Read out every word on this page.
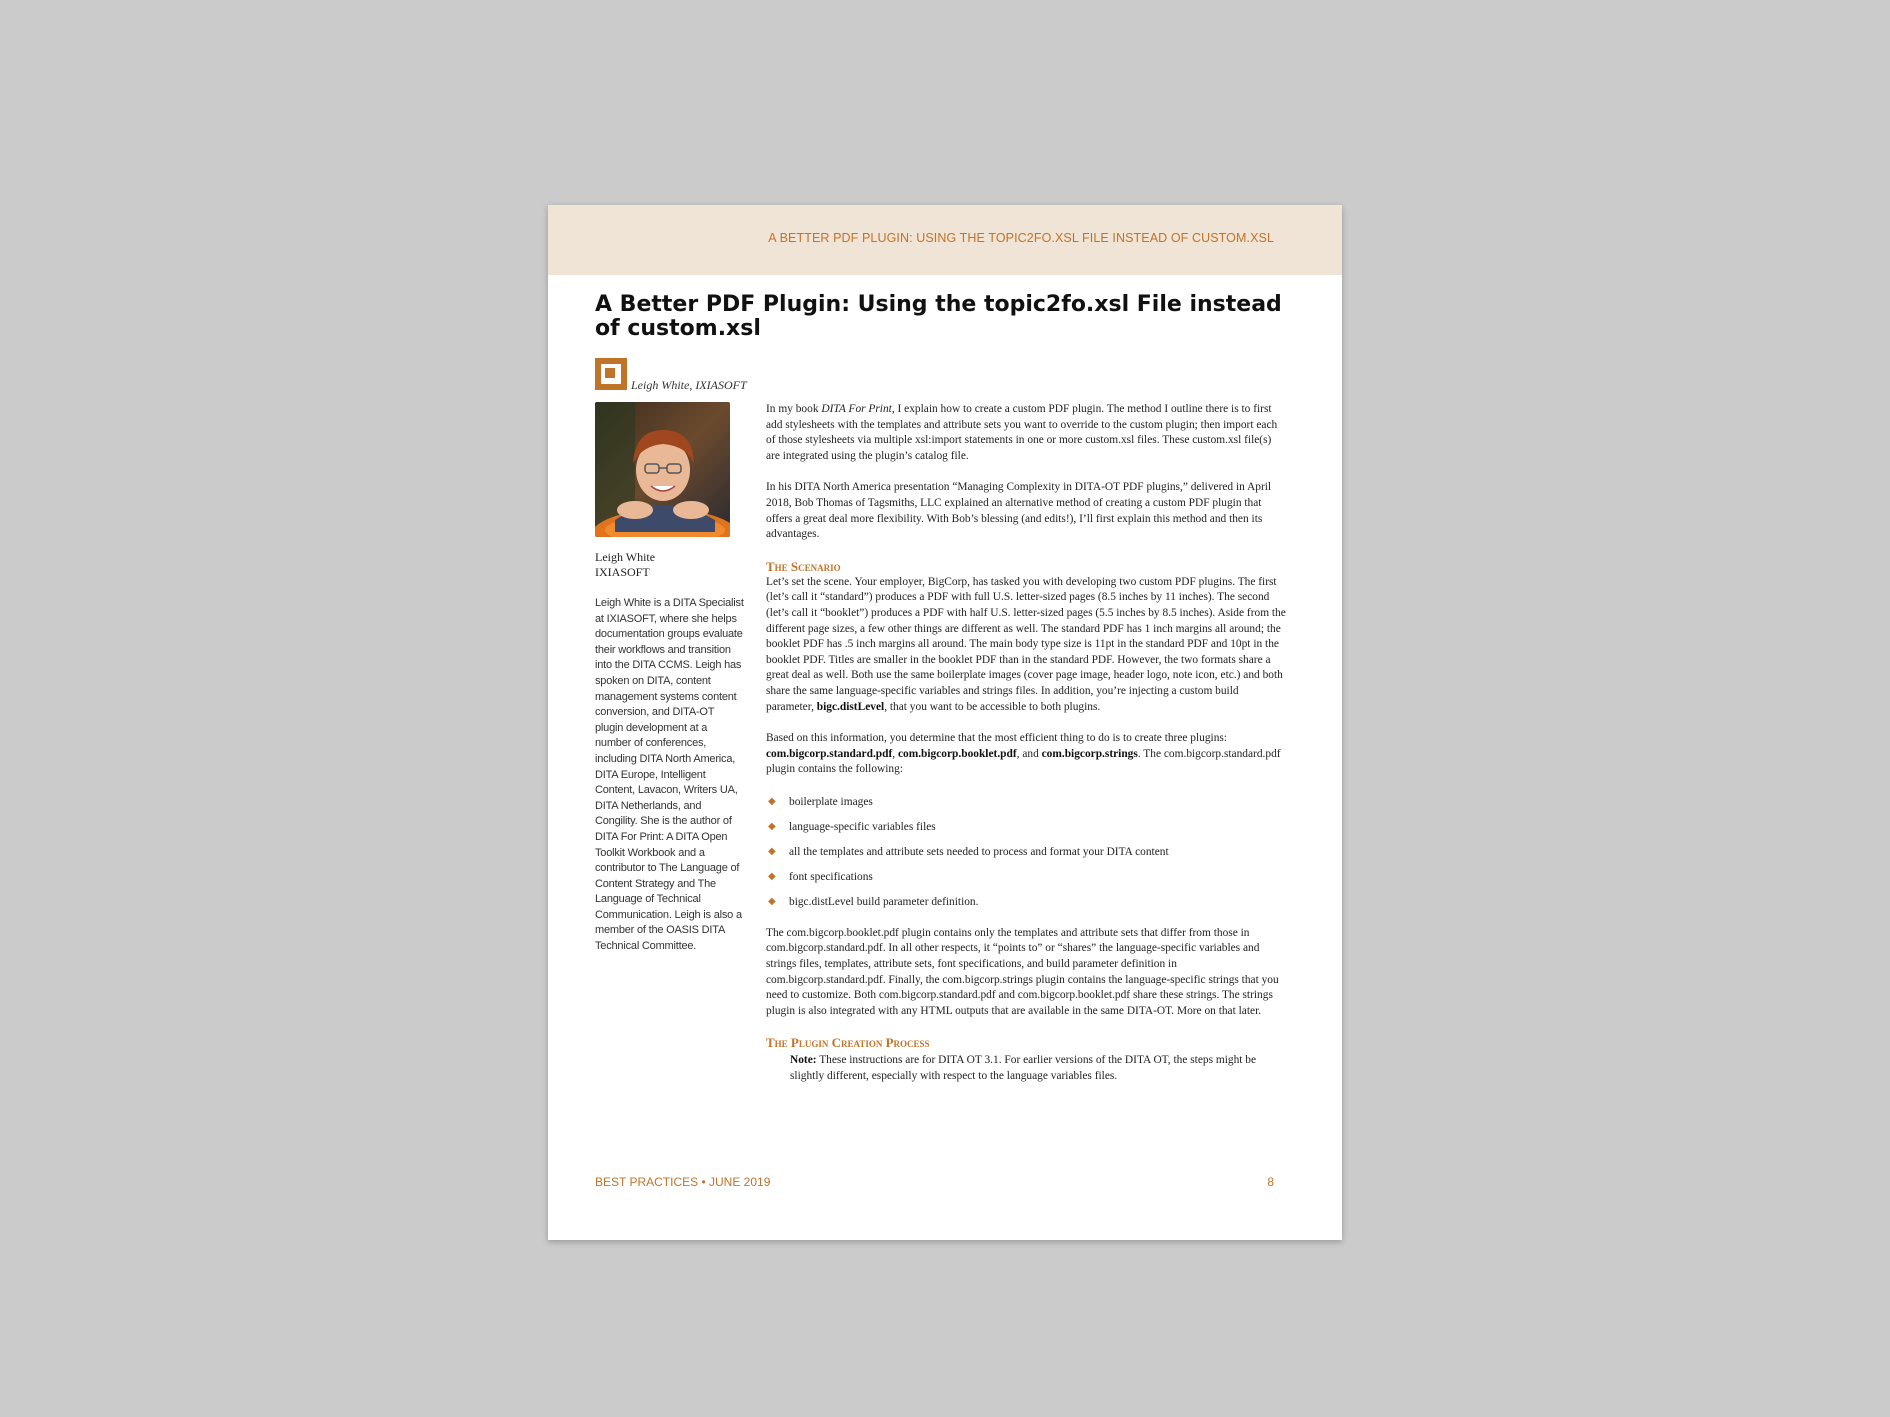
A BETTER PDF PLUGIN: USING THE TOPIC2FO.XSL FILE INSTEAD OF CUSTOM.XSL
A Better PDF Plugin: Using the topic2fo.xsl File instead of custom.xsl
Leigh White, IXIASOFT
Leigh White
IXIASOFT
Leigh White is a DITA Specialist at IXIASOFT, where she helps documentation groups evaluate their workflows and transition into the DITA CCMS. Leigh has spoken on DITA, content management systems content conversion, and DITA-OT plugin development at a number of conferences, including DITA North America, DITA Europe, Intelligent Content, Lavacon, Writers UA, DITA Netherlands, and Congility. She is the author of DITA For Print: A DITA Open Toolkit Workbook and a contributor to The Language of Content Strategy and The Language of Technical Communication. Leigh is also a member of the OASIS DITA Technical Committee.

In my book DITA For Print, I explain how to create a custom PDF plugin. The method I outline there is to first add stylesheets with the templates and attribute sets you want to override to the custom plugin; then import each of those stylesheets via multiple xsl:import statements in one or more custom.xsl files. These custom.xsl file(s) are integrated using the plugin’s catalog file.

In his DITA North America presentation “Managing Complexity in DITA-OT PDF plugins,” delivered in April 2018, Bob Thomas of Tagsmiths, LLC explained an alternative method of creating a custom PDF plugin that offers a great deal more flexibility. With Bob’s blessing (and edits!), I’ll first explain this method and then its advantages.

The Scenario

Let’s set the scene. Your employer, BigCorp, has tasked you with developing two custom PDF plugins. The first (let’s call it “standard”) produces a PDF with full U.S. letter-sized pages (8.5 inches by 11 inches). The second (let’s call it “booklet”) produces a PDF with half U.S. letter-sized pages (5.5 inches by 8.5 inches). Aside from the different page sizes, a few other things are different as well. The standard PDF has 1 inch margins all around; the booklet PDF has .5 inch margins all around. The main body type size is 11pt in the standard PDF and 10pt in the booklet PDF. Titles are smaller in the booklet PDF than in the standard PDF. However, the two formats share a great deal as well. Both use the same boilerplate images (cover page image, header logo, note icon, etc.) and both share the same language-specific variables and strings files. In addition, you’re injecting a custom build parameter, bigc.distLevel, that you want to be accessible to both plugins.

Based on this information, you determine that the most efficient thing to do is to create three plugins: com.bigcorp.standard.pdf, com.bigcorp.booklet.pdf, and com.bigcorp.strings. The com.bigcorp.standard.pdf plugin contains the following:

◆ boilerplate images
◆ language-specific variables files
◆ all the templates and attribute sets needed to process and format your DITA content
◆ font specifications
◆ bigc.distLevel build parameter definition.

The com.bigcorp.booklet.pdf plugin contains only the templates and attribute sets that differ from those in com.bigcorp.standard.pdf. In all other respects, it “points to” or “shares” the language-specific variables and strings files, templates, attribute sets, font specifications, and build parameter definition in com.bigcorp.standard.pdf. Finally, the com.bigcorp.strings plugin contains the language-specific strings that you need to customize. Both com.bigcorp.standard.pdf and com.bigcorp.booklet.pdf share these strings. The strings plugin is also integrated with any HTML outputs that are available in the same DITA-OT. More on that later.

The Plugin Creation Process
Note: These instructions are for DITA OT 3.1. For earlier versions of the DITA OT, the steps might be slightly different, especially with respect to the language variables files.
BEST PRACTICES • JUNE 2019	8
